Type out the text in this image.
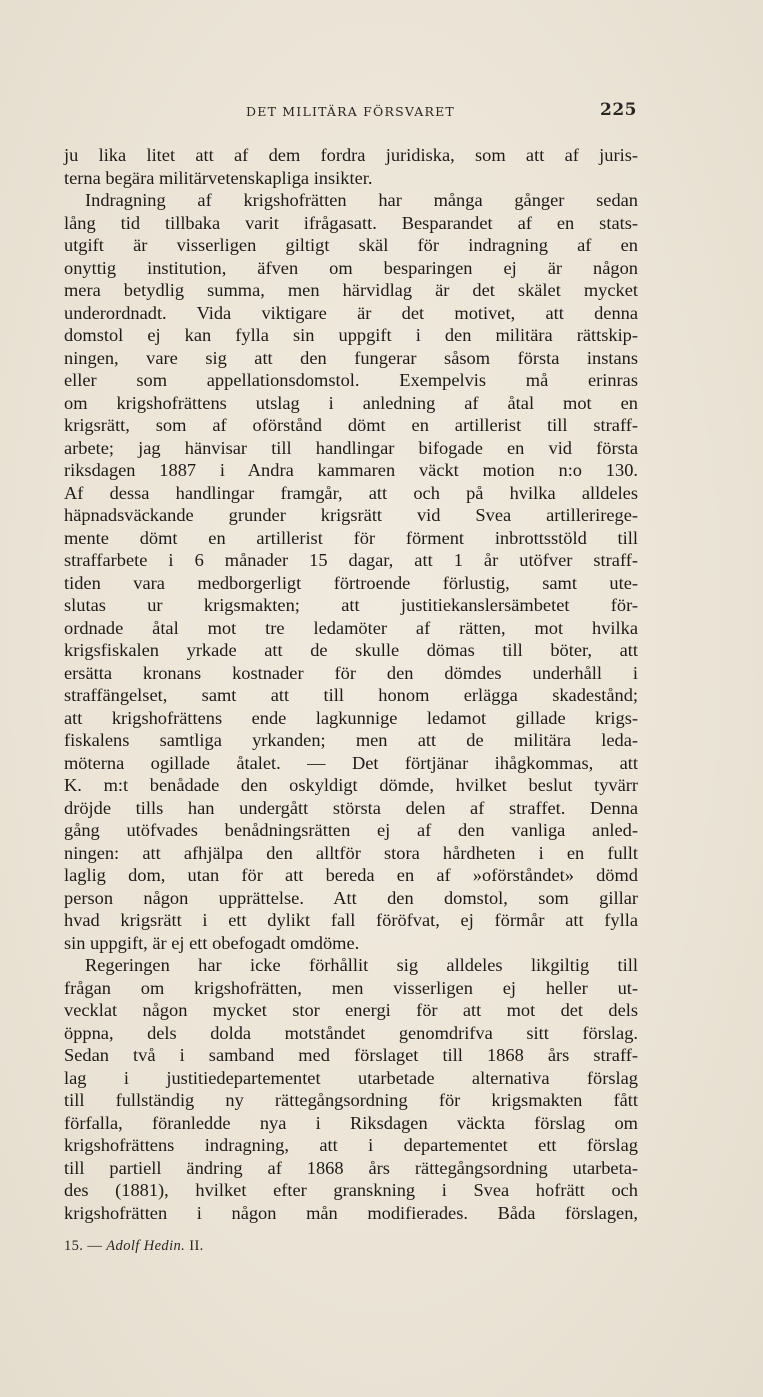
DET MILITÄRA FÖRSVARET	225
ju lika litet att af dem fordra juridiska, som att af juris-
terna begära militärvetenskapliga insikter.
Indragning af krigshofrätten har många gånger sedan
lång tid tillbaka varit ifrågasatt. Besparandet af en stats-
utgift är visserligen giltigt skäl för indragning af en
onyttig institution, äfven om besparingen ej är någon
mera betydlig summa, men härvidlag är det skälet mycket
underordnadt. Vida viktigare är det motivet, att denna
domstol ej kan fylla sin uppgift i den militära rättskip-
ningen, vare sig att den fungerar såsom första instans
eller som appellationsdomstol. Exempelvis må erinras
om krigshofrättens utslag i anledning af åtal mot en
krigsrätt, som af oförstånd dömt en artillerist till straff-
arbete; jag hänvisar till handlingar bifogade en vid första
riksdagen 1887 i Andra kammaren väckt motion n:o 130.
Af dessa handlingar framgår, att och på hvilka alldeles
häpnadsväckande grunder krigsrätt vid Svea artilleriregе-
mente dömt en artillerist för förment inbrottsstöld till
straffarbete i 6 månader 15 dagar, att 1 år utöfver straff-
tiden vara medborgerligt förtroende förlustig, samt ute-
slutas ur krigsmakten; att justitiekanslersämbetet för-
ordnade åtal mot tre ledamöter af rätten, mot hvilka
krigsfiskalen yrkade att de skulle dömas till böter, att
ersätta kronans kostnader för den dömdes underhåll i
straffängelset, samt att till honom erlägga skadestånd;
att krigshofrättens ende lagkunnige ledamot gillade krigs-
fiskalens samtliga yrkanden; men att de militära leda-
möterna ogillade åtalet. — Det förtjänar ihågkommas, att
K. m:t benådade den oskyldigt dömde, hvilket beslut tyvärr
dröjde tills han undergått största delen af straffet. Denna
gång utöfvades benådningsrätten ej af den vanliga anled-
ningen: att afhjälpa den alltför stora hårdheten i en fullt
laglig dom, utan för att bereda en af »oförståndet» dömd
person någon upprättelse. Att den domstol, som gillar
hvad krigsrätt i ett dylikt fall föröfvat, ej förmår att fylla
sin uppgift, är ej ett obefogadt omdöme.
Regeringen har icke förhållit sig alldeles likgiltig till
frågan om krigshofrätten, men visserligen ej heller ut-
vecklat någon mycket stor energi för att mot det dels
öppna, dels dolda motståndet genomdrifva sitt förslag.
Sedan två i samband med förslaget till 1868 års straff-
lag i justitiedepartementet utarbetade alternativa förslag
till fullständig ny rättegångsordning för krigsmakten fått
förfalla, föranledde nya i Riksdagen väckta förslag om
krigshofrättens indragning, att i departementet ett förslag
till partiell ändring af 1868 års rättegångsordning utarbeta-
des (1881), hvilket efter granskning i Svea hofrätt och
krigshofrätten i någon mån modifierades. Båda förslagen,
15. — Adolf Hedin. II.
